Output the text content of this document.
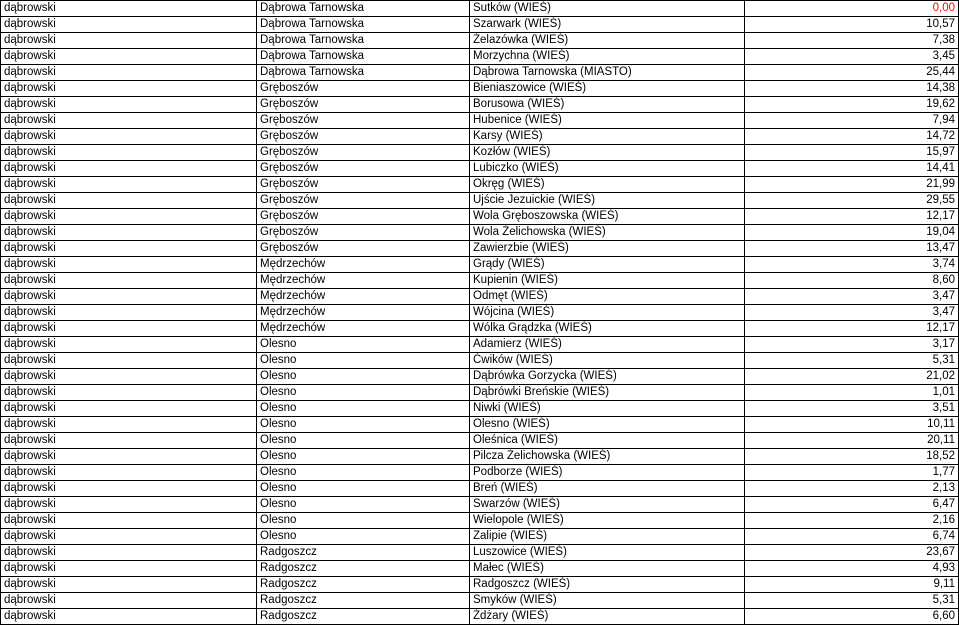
dąbrowski	Dąbrowa Tarnowska	Sutków (WIEŚ)	0,00
dąbrowski	Dąbrowa Tarnowska	Szarwark (WIEŚ)	10,57
dąbrowski	Dąbrowa Tarnowska	Żelazówka (WIEŚ)	7,38
dąbrowski	Dąbrowa Tarnowska	Morzychna (WIEŚ)	3,45
dąbrowski	Dąbrowa Tarnowska	Dąbrowa Tarnowska (MIASTO)	25,44
dąbrowski	Gręboszów	Bieniaszowice (WIEŚ)	14,38
dąbrowski	Gręboszów	Borusowa (WIEŚ)	19,62
dąbrowski	Gręboszów	Hubenice (WIEŚ)	7,94
dąbrowski	Gręboszów	Karsy (WIEŚ)	14,72
dąbrowski	Gręboszów	Kozłów (WIEŚ)	15,97
dąbrowski	Gręboszów	Lubiczko (WIEŚ)	14,41
dąbrowski	Gręboszów	Okręg (WIEŚ)	21,99
dąbrowski	Gręboszów	Ujście Jezuickie (WIEŚ)	29,55
dąbrowski	Gręboszów	Wola Gręboszowska (WIEŚ)	12,17
dąbrowski	Gręboszów	Wola Żelichowska (WIEŚ)	19,04
dąbrowski	Gręboszów	Zawierzbie (WIEŚ)	13,47
dąbrowski	Mędrzechów	Grądy (WIEŚ)	3,74
dąbrowski	Mędrzechów	Kupienin (WIEŚ)	8,60
dąbrowski	Mędrzechów	Odmęt (WIEŚ)	3,47
dąbrowski	Mędrzechów	Wójcina (WIEŚ)	3,47
dąbrowski	Mędrzechów	Wólka Grądzka (WIEŚ)	12,17
dąbrowski	Olesno	Adamierz (WIEŚ)	3,17
dąbrowski	Olesno	Ćwików (WIEŚ)	5,31
dąbrowski	Olesno	Dąbrówka Gorzycka (WIEŚ)	21,02
dąbrowski	Olesno	Dąbrówki Breńskie (WIEŚ)	1,01
dąbrowski	Olesno	Niwki (WIEŚ)	3,51
dąbrowski	Olesno	Olesno (WIEŚ)	10,11
dąbrowski	Olesno	Oleśnica (WIEŚ)	20,11
dąbrowski	Olesno	Pilcza Żelichowska (WIEŚ)	18,52
dąbrowski	Olesno	Podborze (WIEŚ)	1,77
dąbrowski	Olesno	Breń (WIEŚ)	2,13
dąbrowski	Olesno	Swarzów (WIEŚ)	6,47
dąbrowski	Olesno	Wielopole (WIEŚ)	2,16
dąbrowski	Olesno	Zalipie (WIEŚ)	6,74
dąbrowski	Radgoszcz	Luszowice (WIEŚ)	23,67
dąbrowski	Radgoszcz	Małec (WIEŚ)	4,93
dąbrowski	Radgoszcz	Radgoszcz (WIEŚ)	9,11
dąbrowski	Radgoszcz	Smyków (WIEŚ)	5,31
dąbrowski	Radgoszcz	Żdżary (WIEŚ)	6,60
